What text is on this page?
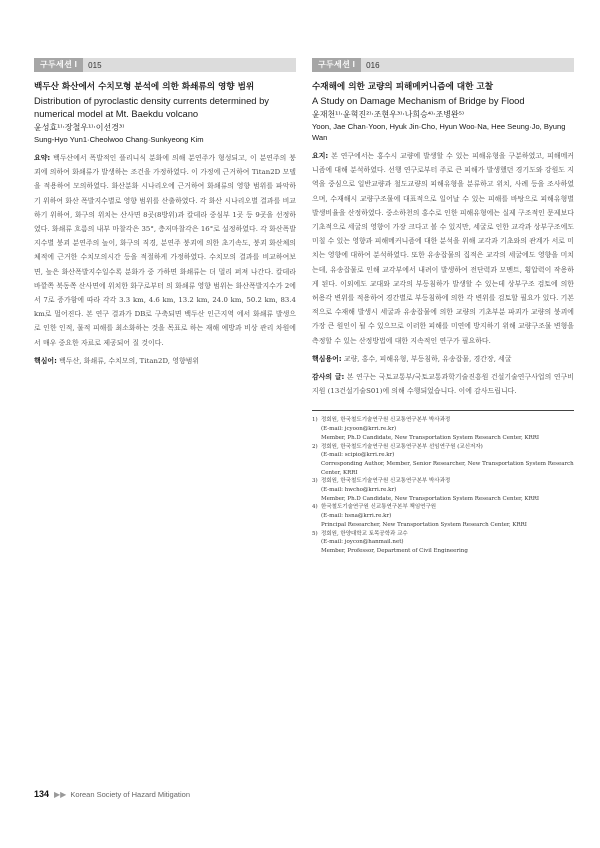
구두세션 I	015
백두산 화산에서 수치모형 분석에 의한 화쇄류의 영향 범위
Distribution of pyroclastic density currents determined by numerical model at Mt. Baekdu volcano
윤성효¹⁾·장철우¹⁾·이선경³⁾
Sung-Hyo Yun1·Cheolwoo Chang·Sunkyeong Kim
요약: 백두산에서 폭발적인 플리니식 분화에 의해 분연주가 형성되고, 이 분연주의 붕괴에 의하여 화쇄류가 발생하는 조건을 가정하였다. 이 가정에 근거하여 Titan2D 모델을 적용하여 모의하였다. 화산분화 시나리오에 근거하여 화쇄류의 영향 범위를 파악하기 위하여 화산 폭발지수별로 영향 범위를 산출하였다. 각 화산 시나리오별 결과를 비교하기 위하여, 화구의 위치는 산사면 8곳(8방위)과 칼데라 중심부 1곳 등 9곳을 선정하였다. 화쇄류 흐름의 내부 마찰각은 35°, 층저마찰각은 16°로 설정하였다. 각 화산폭발지수별 붕괴 분연주의 높이, 화구의 직경, 분연주 붕괴에 의한 초기속도, 붕괴 화산체의 체적에 근거한 수치모의시간 등을 적절하게 가정하였다. 수치모의 결과를 비교하여보면, 높은 화산폭발지수일수록 분화가 중 가하면 화쇄류는 더 멀리 퍼져 나간다. 칼데라 바깥쪽 북동쪽 산사면에 위치한 화구로부터 의 화쇄류 영향 범위는 화산폭발지수가 2에서 7로 증가함에 따라 각각 3.3 km, 4.6 km, 13.2 km, 24.0 km, 50.2 km, 83.4 km로 멀어진다. 본 연구 결과가 DB로 구축되면 백두산 인근지역 에서 화쇄류 발생으로 인한 인적, 물적 피해를 최소화하는 것을 목표로 하는 재해 예방과 비상 관리 차원에서 매우 중요한 자료로 제공되어 질 것이다.
핵심어: 백두산, 화쇄류, 수치모의, Titan2D, 영향범위
구두세션 I	016
수재해에 의한 교량의 피해메커니즘에 대한 고찰
A Study on Damage Mechanism of Bridge by Flood
윤재천¹⁾·윤혁진²⁾·조현우³⁾·나희승⁴⁾·조병완⁵⁾
Yoon, Jae Chan·Yoon, Hyuk Jin·Cho, Hyun Woo·Na, Hee Seung·Jo, Byung Wan
요지: 본 연구에서는 홍수시 교량에 발생할 수 있는 피해유형을 구분하였고, 피해메커니즘에 대해 분석하였다. 선행 연구로부터 주로 큰 피해가 발생했던 경기도와 강원도 지역을 중심으로 일반교량과 철도교량의 피해유형을 분류하고 위치, 사례 등을 조사하였으며, 수재해시 교량구조물에 대표적으로 일어날 수 있는 피해를 바탕으로 피해유형별 발생비율을 산정하였다. 중소하천의 홍수로 인한 피해유형에는 실제 구조적인 문제보다 기초적으로 세굴의 영향이 가장 크다고 볼 수 있지만, 세굴로 인한 교각과 상부구조에도 미칠 수 있는 영향과 피해메커니즘에 대한 분석을 위해 교각과 기초와의 관계가 서로 미치는 영향에 대하여 분석하였다. 또한 유송잡물의 집적은 교각의 세굴에도 영향을 미치는데, 유송잡물로 인해 교각부에서 내려이 발생하여 전단력과 모멘트, 횡압력이 작용하게 된다. 이외에도 교대와 교각의 부등침하가 발생할 수 있는데 상부구조 검토에 의한 허용각 변위를 적용하여 경간별로 부등침하에 의한 각 변위를 검토할 필요가 있다. 기본적으로 수재해 발생시 세굴과 유송잡물에 의한 교량의 기초부분 파괴가 교량의 붕괴에 가장 큰 원인이 될 수 있으므로 이러한 피해를 미연에 방지하기 위해 교량구조물 변형을 측정할 수 있는 산정방법에 대한 지속적인 연구가 필요하다.
핵심용어: 교량, 홍수, 피해유형, 부등침하, 유송잡물, 경간장, 세굴
감사의 글: 본 연구는 국토교통부/국토교통과학기술진흥원 건설기술연구사업의 연구비지원 (13건설기술S01)에 의해 수행되었습니다. 이에 감사드립니다.
1) 정회원, 한국철도기술연구원 신교통연구본부 박사과정
(E-mail: jcyoon@krri.re.kr)
Member, Ph.D Candidate, New Transportation System Research Center, KRRI
2) 정회원, 한국철도기술연구원 신교통연구본부 선임연구원 (교신저자)
(E-mail: scipio@krri.re.kr)
Corresponding Author, Member, Senior Researcher, New Transportation System Research Center, KRRI
3) 정회원, 한국철도기술연구원 신교통연구본부 박사과정
(E-mail: hwcho@krri.re.kr)
Member, Ph.D Candidate, New Transportation System Research Center, KRRI
4) 한국철도기술연구원 신교통연구본부 책임연구원
(E-mail: hsna@krri.re.kr)
Principal Researcher, New Transportation System Research Center, KRRI
5) 정회원, 한양대학교 토목공학과 교수
(E-mail: joycon@hanmail.net)
Member, Professor, Department of Civil Engineering
134 ▶▶ Korean Society of Hazard Mitigation
